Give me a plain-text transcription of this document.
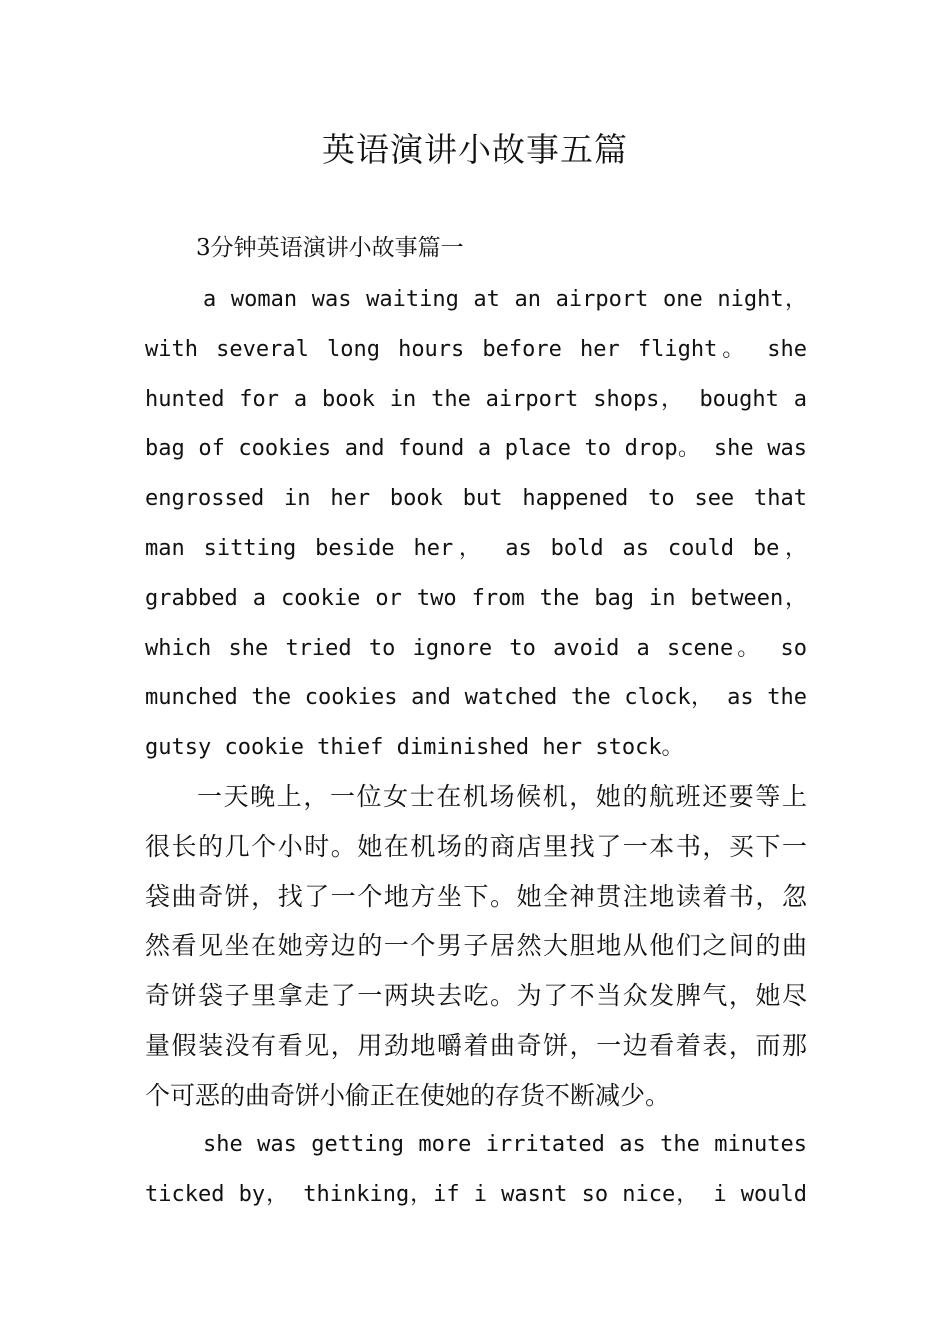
英语演讲小故事五篇
3分钟英语演讲小故事篇一
a woman was waiting at an airport one night，
with several long hours before her flight。 she
hunted for a book in the airport shops， bought a
bag of cookies and found a place to drop。 she was
engrossed in her book but happened to see that
man sitting beside her， as bold as could be，
grabbed a cookie or two from the bag in between，
which she tried to ignore to avoid a scene。 so
munched the cookies and watched the clock， as the
gutsy cookie thief diminished her stock。
一天晚上，一位女士在机场候机，她的航班还要等上
很长的几个小时。她在机场的商店里找了一本书，买下一
袋曲奇饼，找了一个地方坐下。她全神贯注地读着书，忽
然看见坐在她旁边的一个男子居然大胆地从他们之间的曲
奇饼袋子里拿走了一两块去吃。为了不当众发脾气，她尽
量假装没有看见，用劲地嚼着曲奇饼，一边看着表，而那
个可恶的曲奇饼小偷正在使她的存货不断减少。
she was getting more irritated as the minutes
ticked by， thinking，if i wasnt so nice， i would
